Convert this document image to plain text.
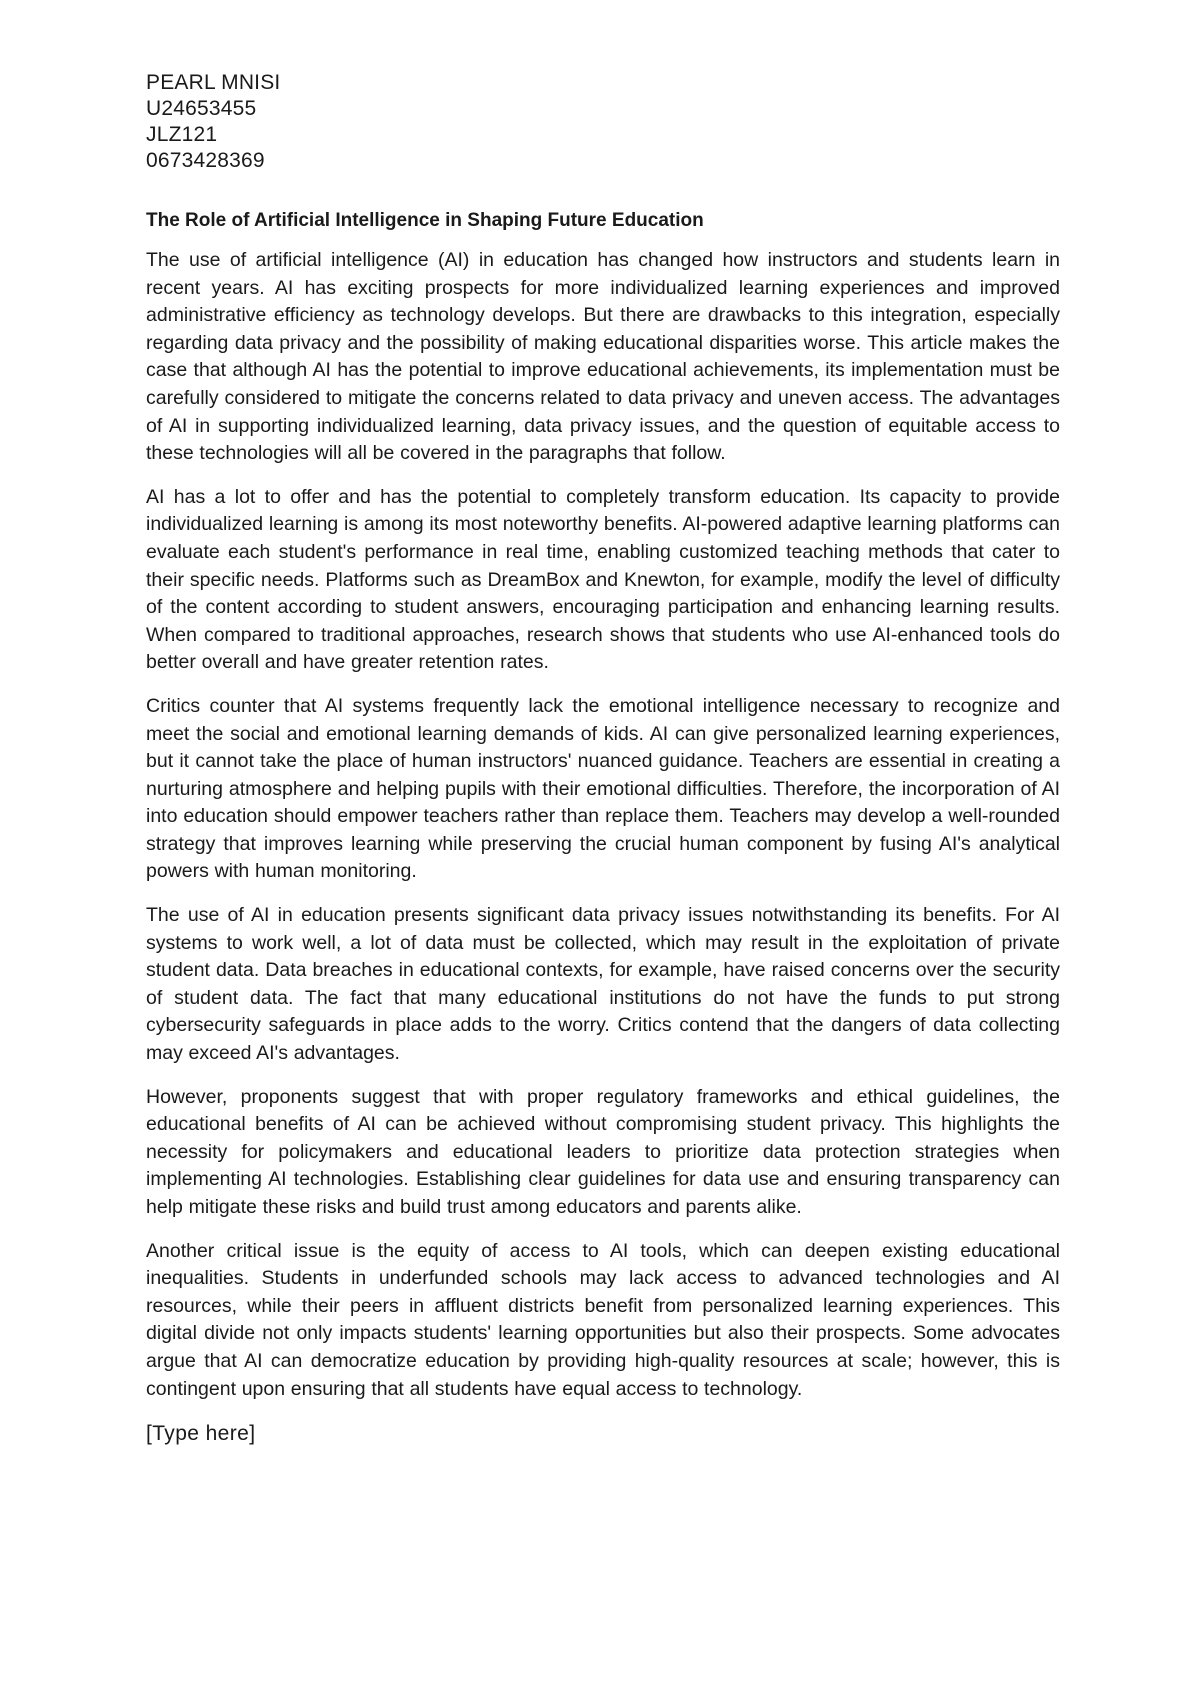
PEARL MNISI
U24653455
JLZ121
0673428369
The Role of Artificial Intelligence in Shaping Future Education

The use of artificial intelligence (AI) in education has changed how instructors and students learn in recent years. AI has exciting prospects for more individualized learning experiences and improved administrative efficiency as technology develops. But there are drawbacks to this integration, especially regarding data privacy and the possibility of making educational disparities worse. This article makes the case that although AI has the potential to improve educational achievements, its implementation must be carefully considered to mitigate the concerns related to data privacy and uneven access. The advantages of AI in supporting individualized learning, data privacy issues, and the question of equitable access to these technologies will all be covered in the paragraphs that follow.

AI has a lot to offer and has the potential to completely transform education. Its capacity to provide individualized learning is among its most noteworthy benefits. AI-powered adaptive learning platforms can evaluate each student's performance in real time, enabling customized teaching methods that cater to their specific needs. Platforms such as DreamBox and Knewton, for example, modify the level of difficulty of the content according to student answers, encouraging participation and enhancing learning results. When compared to traditional approaches, research shows that students who use AI-enhanced tools do better overall and have greater retention rates.

Critics counter that AI systems frequently lack the emotional intelligence necessary to recognize and meet the social and emotional learning demands of kids. AI can give personalized learning experiences, but it cannot take the place of human instructors' nuanced guidance. Teachers are essential in creating a nurturing atmosphere and helping pupils with their emotional difficulties. Therefore, the incorporation of AI into education should empower teachers rather than replace them. Teachers may develop a well-rounded strategy that improves learning while preserving the crucial human component by fusing AI's analytical powers with human monitoring.

The use of AI in education presents significant data privacy issues notwithstanding its benefits. For AI systems to work well, a lot of data must be collected, which may result in the exploitation of private student data. Data breaches in educational contexts, for example, have raised concerns over the security of student data. The fact that many educational institutions do not have the funds to put strong cybersecurity safeguards in place adds to the worry. Critics contend that the dangers of data collecting may exceed AI's advantages.

However, proponents suggest that with proper regulatory frameworks and ethical guidelines, the educational benefits of AI can be achieved without compromising student privacy. This highlights the necessity for policymakers and educational leaders to prioritize data protection strategies when implementing AI technologies. Establishing clear guidelines for data use and ensuring transparency can help mitigate these risks and build trust among educators and parents alike.

Another critical issue is the equity of access to AI tools, which can deepen existing educational inequalities. Students in underfunded schools may lack access to advanced technologies and AI resources, while their peers in affluent districts benefit from personalized learning experiences. This digital divide not only impacts students' learning opportunities but also their prospects. Some advocates argue that AI can democratize education by providing high-quality resources at scale; however, this is contingent upon ensuring that all students have equal access to technology.

[Type here]
